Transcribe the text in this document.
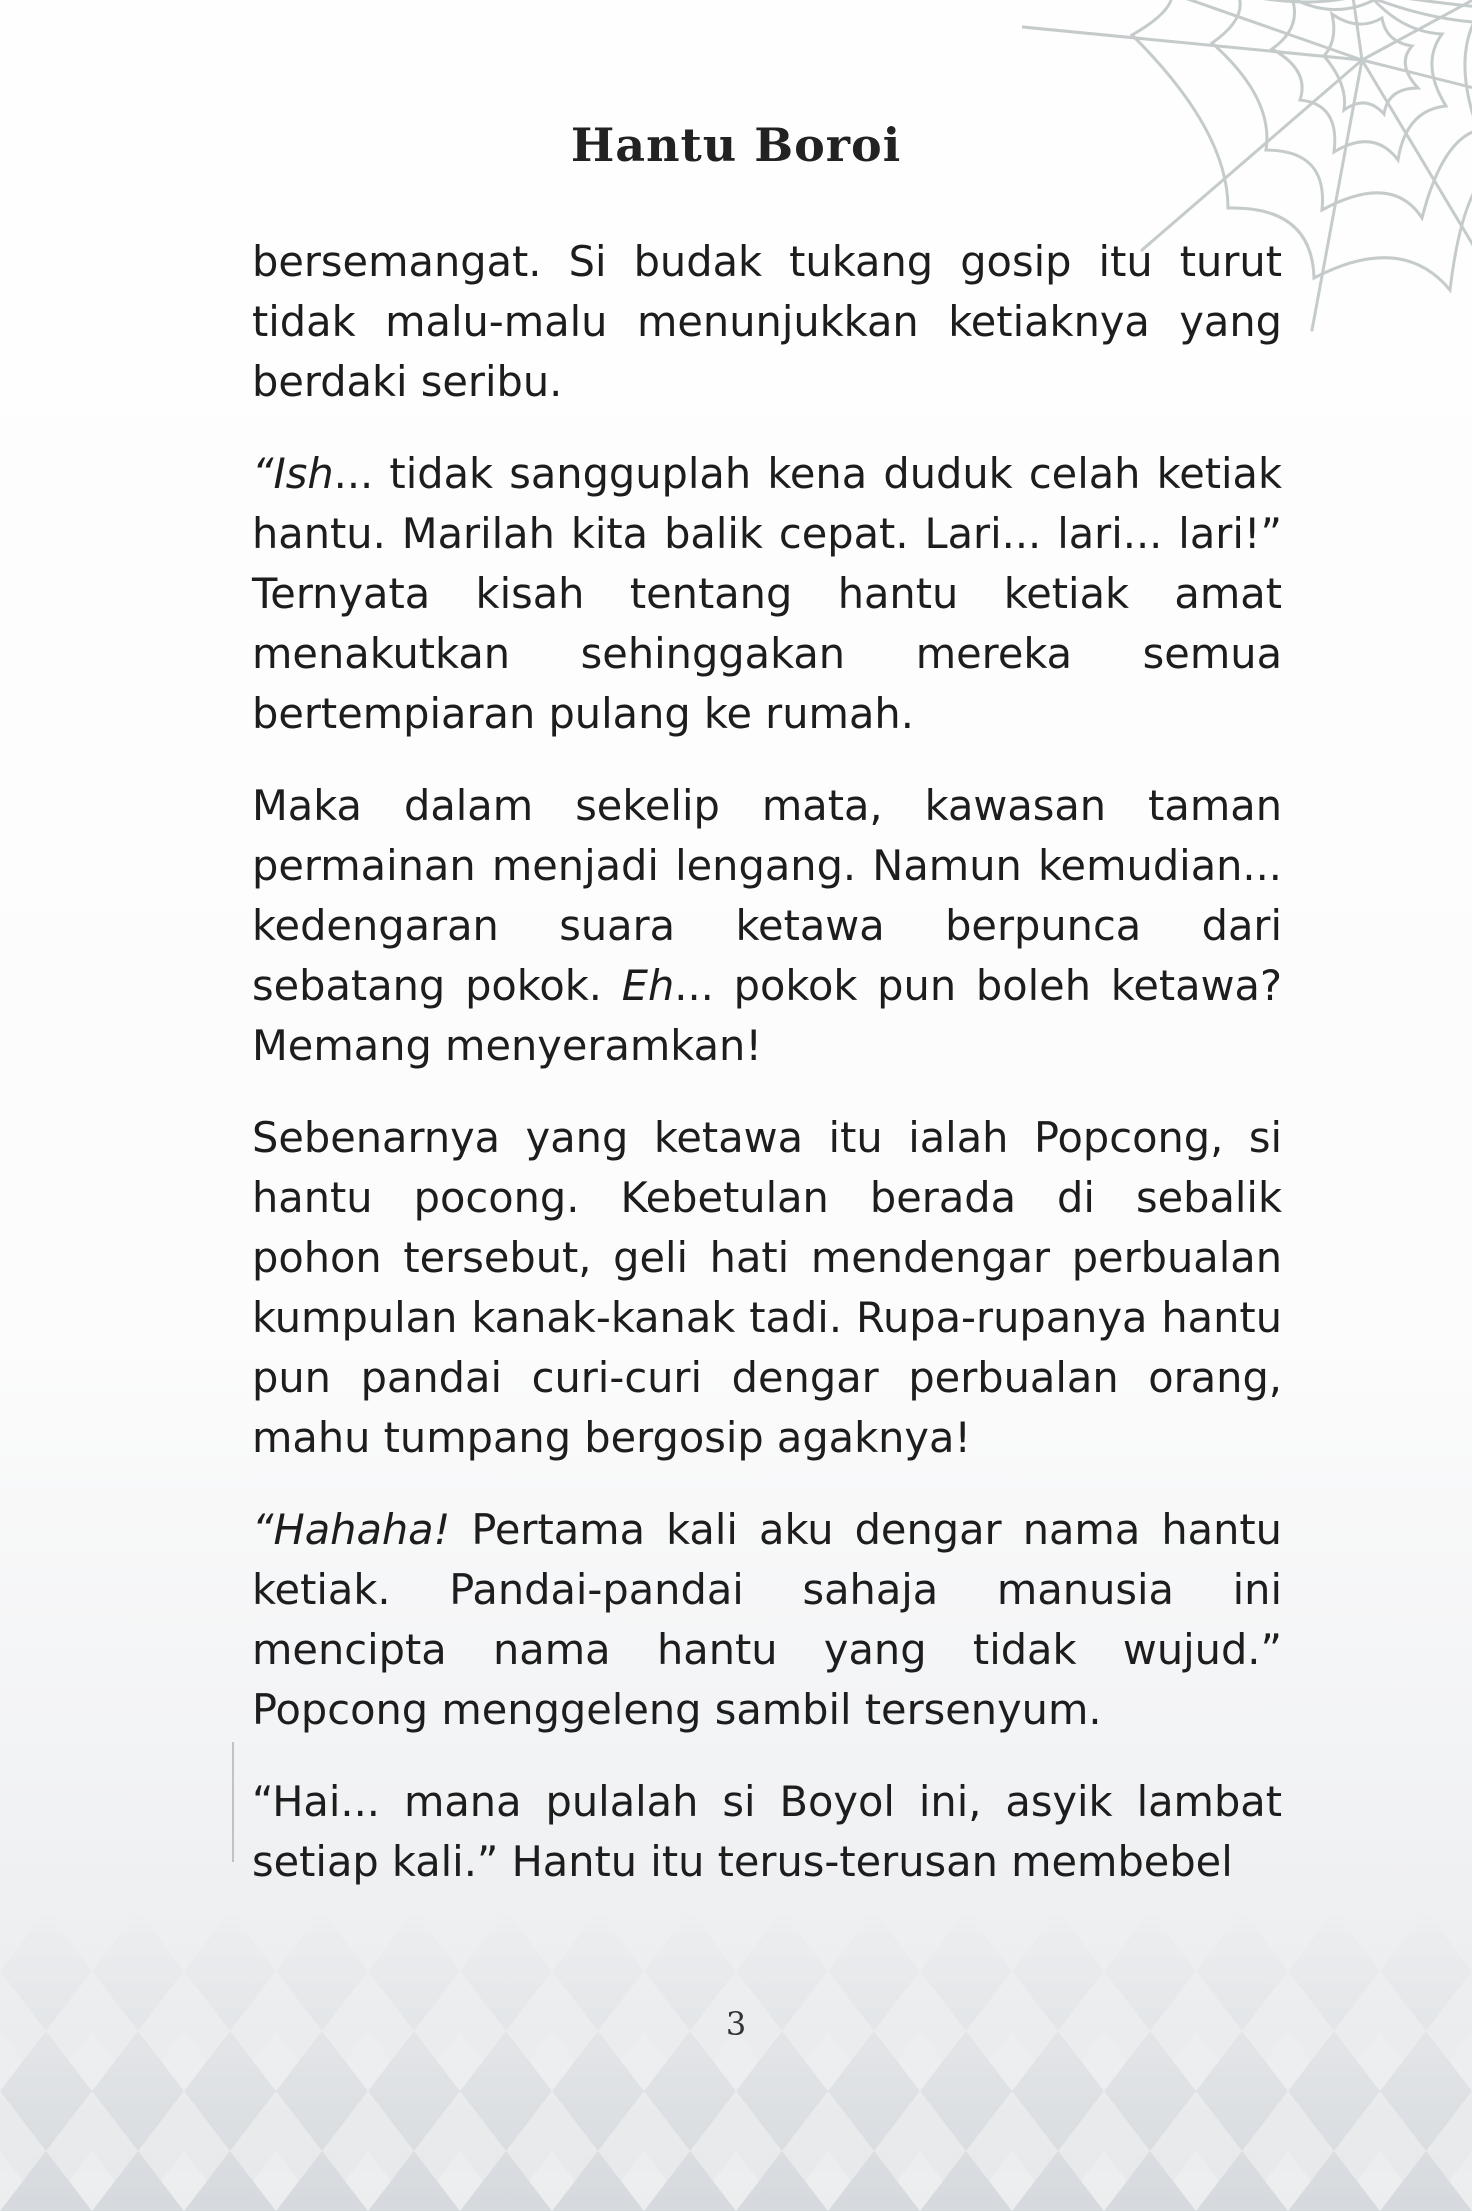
Hantu Boroi

bersemangat. Si budak tukang gosip itu turut tidak malu-malu menunjukkan ketiaknya yang berdaki seribu.

“Ish... tidak sangguplah kena duduk celah ketiak hantu. Marilah kita balik cepat. Lari... lari... lari!” Ternyata kisah tentang hantu ketiak amat menakutkan sehinggakan mereka semua bertempiaran pulang ke rumah.

Maka dalam sekelip mata, kawasan taman permainan menjadi lengang. Namun kemudian... kedengaran suara ketawa berpunca dari sebatang pokok. Eh... pokok pun boleh ketawa? Memang menyeramkan!

Sebenarnya yang ketawa itu ialah Popcong, si hantu pocong. Kebetulan berada di sebalik pohon tersebut, geli hati mendengar perbualan kumpulan kanak-kanak tadi. Rupa-rupanya hantu pun pandai curi-curi dengar perbualan orang, mahu tumpang bergosip agaknya!

“Hahaha! Pertama kali aku dengar nama hantu ketiak. Pandai-pandai sahaja manusia ini mencipta nama hantu yang tidak wujud.” Popcong menggeleng sambil tersenyum.

“Hai... mana pulalah si Boyol ini, asyik lambat setiap kali.” Hantu itu terus-terusan membebel

3
